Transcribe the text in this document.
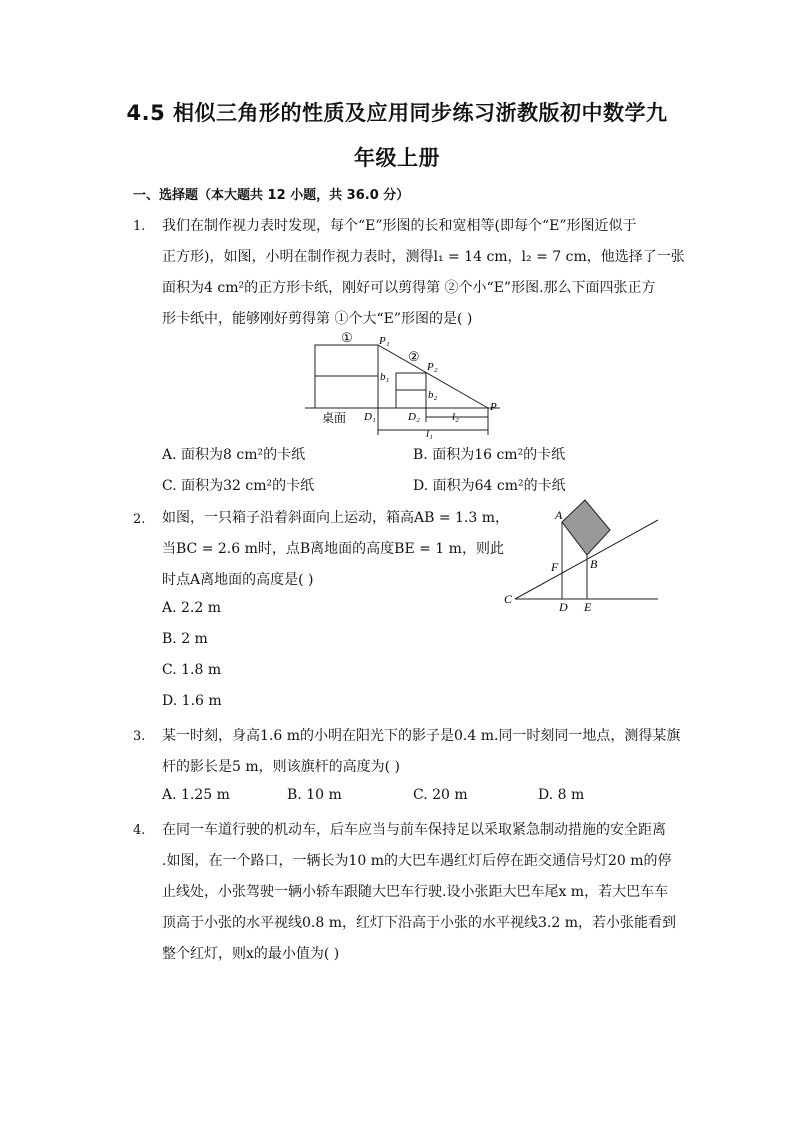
4.5 相似三角形的性质及应用同步练习浙教版初中数学九
年级上册
一、选择题（本大题共 12 小题，共 36.0 分）
1. 我们在制作视力表时发现，每个“E”形图的长和宽相等(即每个“E”形图近似于
正方形)，如图，小明在制作视力表时，测得l₁ = 14 cm，l₂ = 7 cm，他选择了一张
面积为4 cm²的正方形卡纸，刚好可以剪得第 ②个小“E”形图.那么下面四张正方
形卡纸中，能够刚好剪得第 ①个大“E”形图的是( )
①
②
P₁
P₂
P
b₁
b₂
D₁	D₂	l₂
l₁
桌面
A. 面积为8 cm²的卡纸	B. 面积为16 cm²的卡纸
C. 面积为32 cm²的卡纸	D. 面积为64 cm²的卡纸
2. 如图，一只箱子沿着斜面向上运动，箱高AB = 1.3 m，
当BC = 2.6 m时，点B离地面的高度BE = 1 m，则此
时点A离地面的高度是( )
A
B
C
D E
F
A. 2.2 m
B. 2 m
C. 1.8 m
D. 1.6 m
3. 某一时刻，身高1.6 m的小明在阳光下的影子是0.4 m.同一时刻同一地点，测得某旗
杆的影长是5 m，则该旗杆的高度为( )
A. 1.25 m	B. 10 m	C. 20 m	D. 8 m
4. 在同一车道行驶的机动车，后车应当与前车保持足以采取紧急制动措施的安全距离
.如图，在一个路口，一辆长为10 m的大巴车遇红灯后停在距交通信号灯20 m的停
止线处，小张驾驶一辆小轿车跟随大巴车行驶.设小张距大巴车尾x m，若大巴车车
顶高于小张的水平视线0.8 m，红灯下沿高于小张的水平视线3.2 m，若小张能看到
整个红灯，则x的最小值为( )
